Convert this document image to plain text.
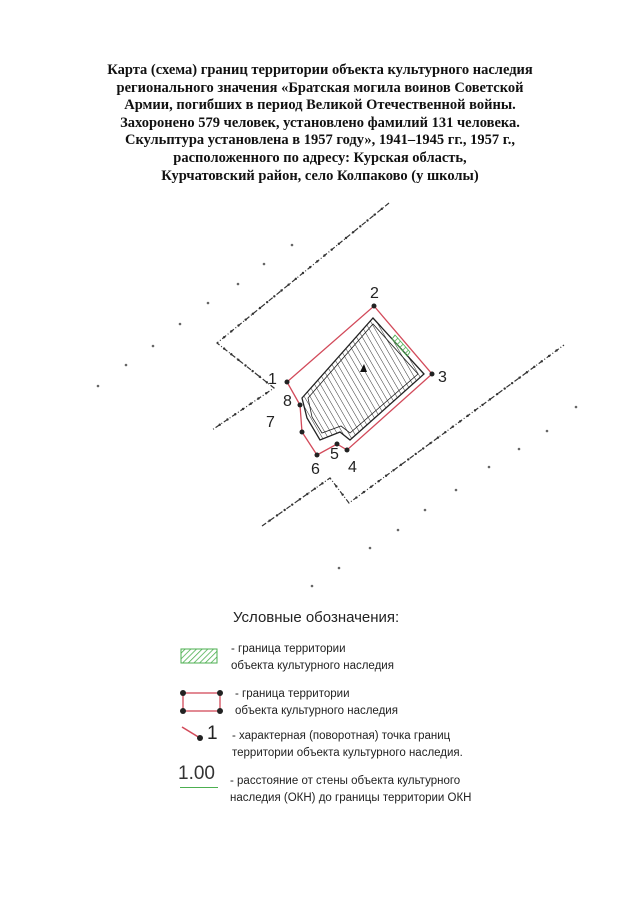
Карта (схема) границ территории объекта культурного наследия
регионального значения «Братская могила воинов Советской
Армии, погибших в период Великой Отечественной войны.
Захоронено 579 человек, установлено фамилий 131 человека.
Скульптура установлена в 1957 году», 1941–1945 гг., 1957 г.,
расположенного по адресу: Курская область,
Курчатовский район, село Колпаково (у школы)
1
2
3
4
5
6
7
8
Условные обозначения:
- граница территории
объекта культурного наследия
- граница территории
объекта культурного наследия
1 - характерная (поворотная) точка границ
территории объекта культурного наследия.
1.00 - расстояние от стены объекта культурного
наследия (ОКН) до границы территории ОКН
